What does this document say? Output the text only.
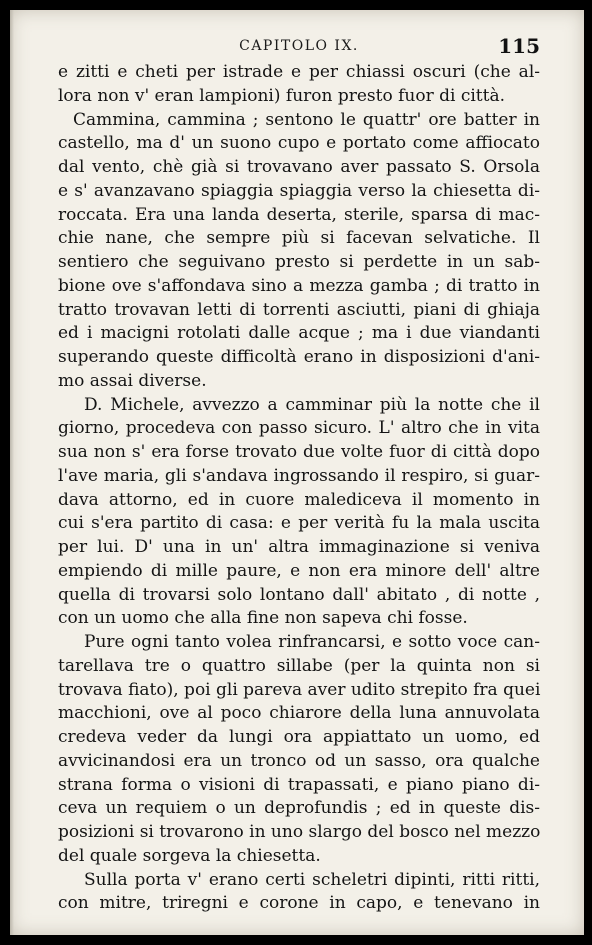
CAPITOLO IX.	115
e zitti e cheti per istrade e per chiassi oscuri (che al-
lora non v' eran lampioni) furon presto fuor di città.
Cammina, cammina ; sentono le quattr' ore batter in
castello, ma d' un suono cupo e portato come affiocato
dal vento, chè già si trovavano aver passato S. Orsola
e s' avanzavano spiaggia spiaggia verso la chiesetta di-
roccata. Era una landa deserta, sterile, sparsa di mac-
chie nane, che sempre più si facevan selvatiche. Il
sentiero che seguivano presto si perdette in un sab-
bione ove s'affondava sino a mezza gamba ; di tratto in
tratto trovavan letti di torrenti asciutti, piani di ghiaja
ed i macigni rotolati dalle acque ; ma i due viandanti
superando queste difficoltà erano in disposizioni d'ani-
mo assai diverse.
D. Michele, avvezzo a camminar più la notte che il
giorno, procedeva con passo sicuro. L' altro che in vita
sua non s' era forse trovato due volte fuor di città dopo
l'ave maria, gli s'andava ingrossando il respiro, si guar-
dava attorno, ed in cuore malediceva il momento in
cui s'era partito di casa: e per verità fu la mala uscita
per lui. D' una in un' altra immaginazione si veniva
empiendo di mille paure, e non era minore dell' altre
quella di trovarsi solo lontano dall' abitato , di notte ,
con un uomo che alla fine non sapeva chi fosse.
Pure ogni tanto volea rinfrancarsi, e sotto voce can-
tarellava tre o quattro sillabe (per la quinta non si
trovava fiato), poi gli pareva aver udito strepito fra quei
macchioni, ove al poco chiarore della luna annuvolata
credeva veder da lungi ora appiattato un uomo, ed
avvicinandosi era un tronco od un sasso, ora qualche
strana forma o visioni di trapassati, e piano piano di-
ceva un requiem o un deprofundis ; ed in queste dis-
posizioni si trovarono in uno slargo del bosco nel mezzo
del quale sorgeva la chiesetta.
Sulla porta v' erano certi scheletri dipinti, ritti ritti,
con mitre, triregni e corone in capo, e tenevano in
